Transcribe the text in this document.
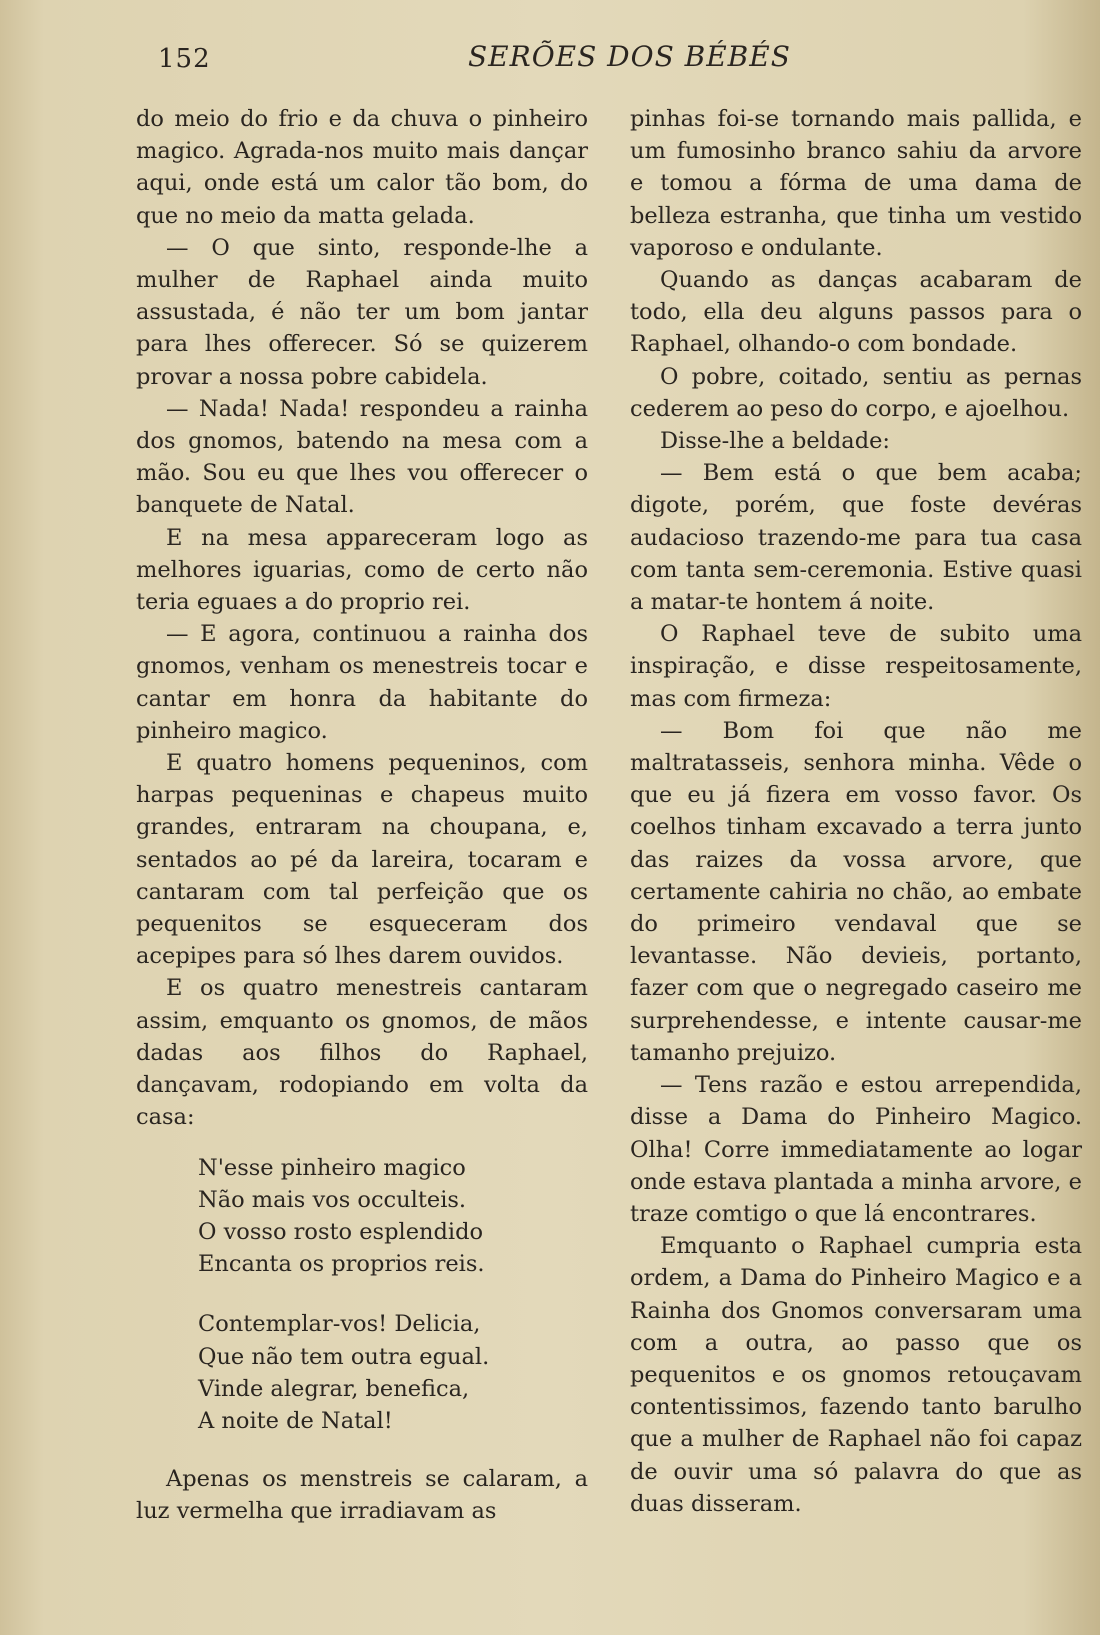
152	SERÕES DOS BÉBÉS

do meio do frio e da chuva o pinheiro magico. Agrada-nos muito mais dançar aqui, onde está um calor tão bom, do que no meio da matta gelada.

— O que sinto, responde-lhe a mulher de Raphael ainda muito assustada, é não ter um bom jantar para lhes offerecer. Só se quizerem provar a nossa pobre cabidela.

— Nada! Nada! respondeu a rainha dos gnomos, batendo na mesa com a mão. Sou eu que lhes vou offerecer o banquete de Natal.

E na mesa appareceram logo as melhores iguarias, como de certo não teria eguaes a do proprio rei.

— E agora, continuou a rainha dos gnomos, venham os menestreis tocar e cantar em honra da habitante do pinheiro magico.

E quatro homens pequeninos, com harpas pequeninas e chapeus muito grandes, entraram na choupana, e, sentados ao pé da lareira, tocaram e cantaram com tal perfeição que os pequenitos se esqueceram dos acepipes para só lhes darem ouvidos.

E os quatro menestreis cantaram assim, emquanto os gnomos, de mãos dadas aos filhos do Raphael, dançavam, rodopiando em volta da casa:

N'esse pinheiro magico
Não mais vos occulteis.
O vosso rosto esplendido
Encanta os proprios reis.
Contemplar-vos! Delicia,
Que não tem outra egual.
Vinde alegrar, benefica,
A noite de Natal!

Apenas os menstreis se calaram, a luz vermelha que irradiavam as

pinhas foi-se tornando mais pallida, e um fumosinho branco sahiu da arvore e tomou a fórma de uma dama de belleza estranha, que tinha um vestido vaporoso e ondulante.

Quando as danças acabaram de todo, ella deu alguns passos para o Raphael, olhando-o com bondade.

O pobre, coitado, sentiu as pernas cederem ao peso do corpo, e ajoelhou.

Disse-lhe a beldade:

— Bem está o que bem acaba; digote, porém, que foste devéras audacioso trazendo-me para tua casa com tanta sem-ceremonia. Estive quasi a matar-te hontem á noite.

O Raphael teve de subito uma inspiração, e disse respeitosamente, mas com firmeza:

— Bom foi que não me maltratasseis, senhora minha. Vêde o que eu já fizera em vosso favor. Os coelhos tinham excavado a terra junto das raizes da vossa arvore, que certamente cahiria no chão, ao embate do primeiro vendaval que se levantasse. Não devieis, portanto, fazer com que o negregado caseiro me surprehendesse, e intente causar-me tamanho prejuizo.

— Tens razão e estou arrependida, disse a Dama do Pinheiro Magico. Olha! Corre immediatamente ao logar onde estava plantada a minha arvore, e traze comtigo o que lá encontrares.

Emquanto o Raphael cumpria esta ordem, a Dama do Pinheiro Magico e a Rainha dos Gnomos conversaram uma com a outra, ao passo que os pequenitos e os gnomos retouçavam contentissimos, fazendo tanto barulho que a mulher de Raphael não foi capaz de ouvir uma só palavra do que as duas disseram.
